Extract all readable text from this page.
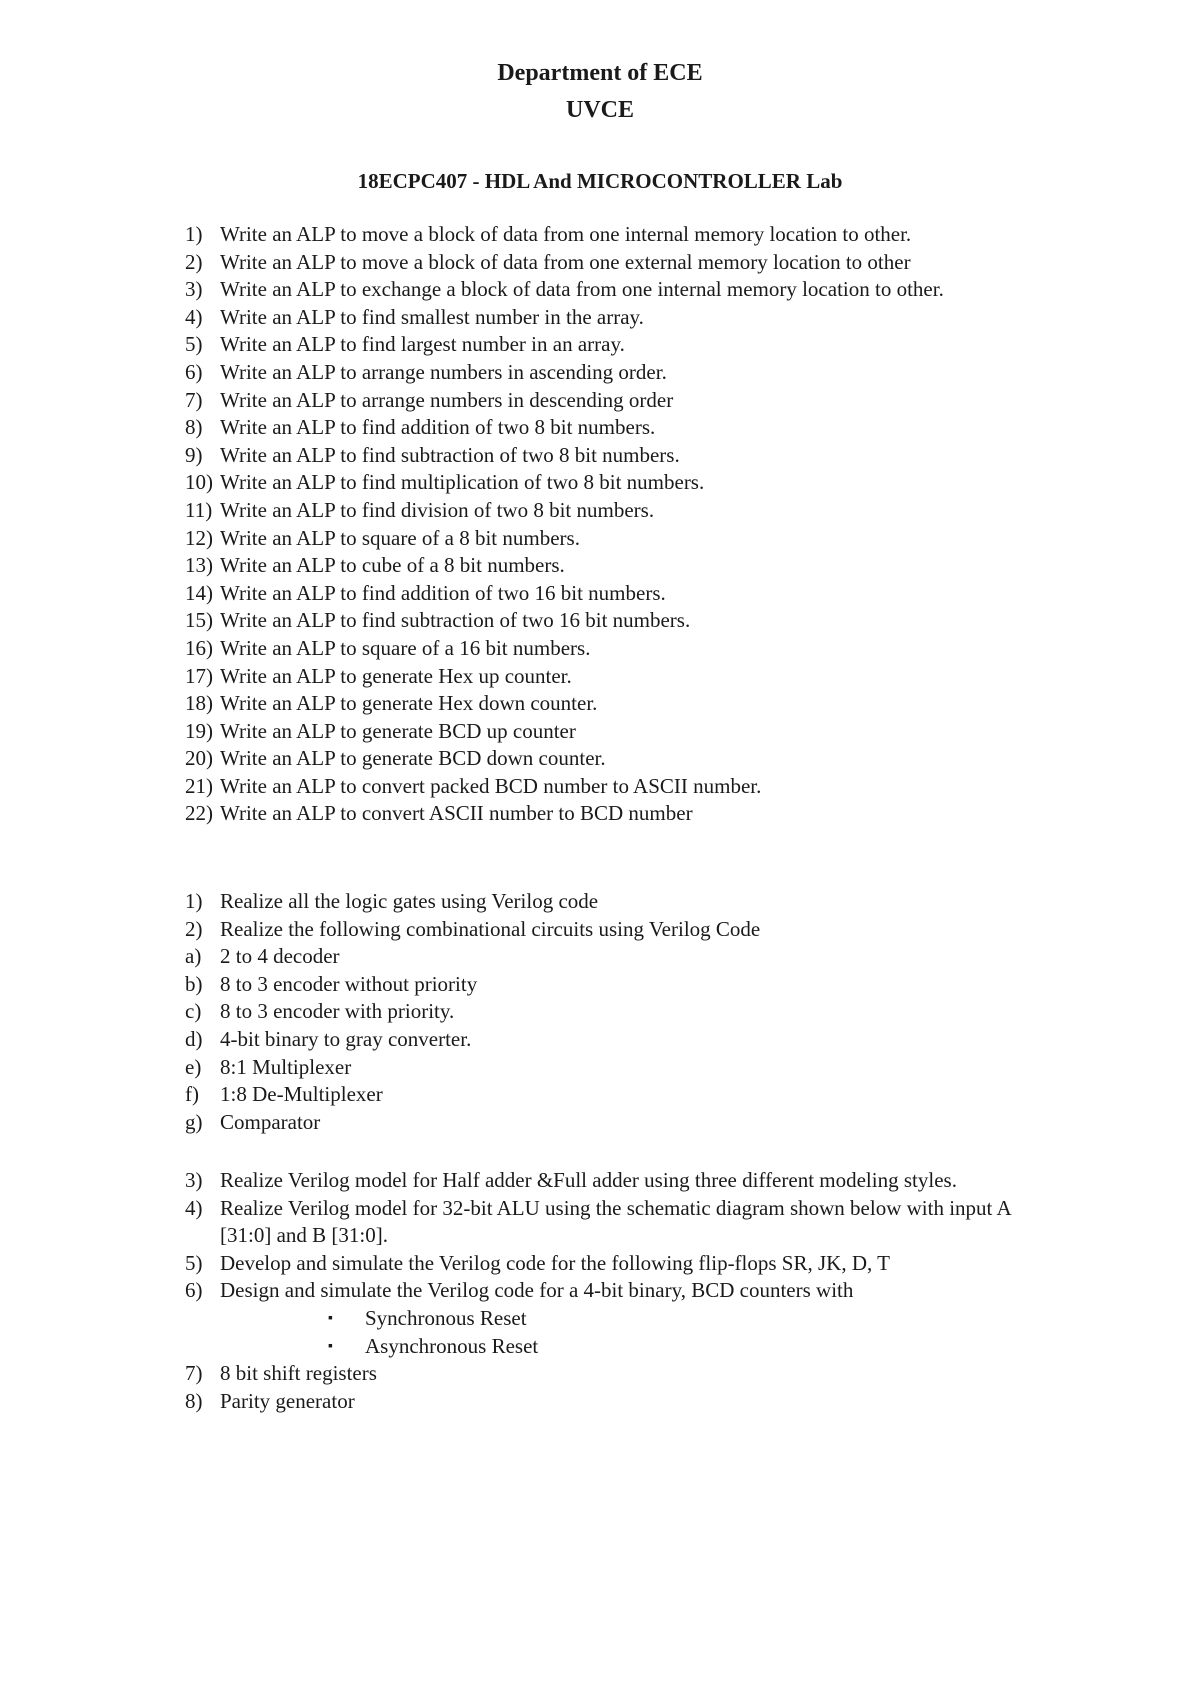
Department of ECE
UVCE
18ECPC407 - HDL And MICROCONTROLLER Lab
1) Write an ALP to move a block of data from one internal memory location to other.
2) Write an ALP to move a block of data from one external memory location to other
3) Write an ALP to exchange a block of data from one internal memory location to other.
4) Write an ALP to find smallest number in the array.
5) Write an ALP to find largest number in an array.
6) Write an ALP to arrange numbers in ascending order.
7) Write an ALP to arrange numbers in descending order
8) Write an ALP to find addition of two 8 bit numbers.
9) Write an ALP to find subtraction of two 8 bit numbers.
10) Write an ALP to find multiplication of two 8 bit numbers.
11) Write an ALP to find division of two 8 bit numbers.
12) Write an ALP to square of a 8 bit numbers.
13) Write an ALP to cube of a 8 bit numbers.
14) Write an ALP to find addition of two 16 bit numbers.
15) Write an ALP to find subtraction of two 16 bit numbers.
16) Write an ALP to square of a 16 bit numbers.
17) Write an ALP to generate Hex up counter.
18) Write an ALP to generate Hex down counter.
19) Write an ALP to generate BCD up counter
20) Write an ALP to generate BCD down counter.
21) Write an ALP to convert packed BCD number to ASCII number.
22) Write an ALP to convert ASCII number to BCD number
1) Realize all the logic gates using Verilog code
2) Realize the following combinational circuits using Verilog Code
a) 2 to 4 decoder
b) 8 to 3 encoder without priority
c) 8 to 3 encoder with priority.
d) 4-bit binary to gray converter.
e) 8:1 Multiplexer
f) 1:8 De-Multiplexer
g) Comparator
3) Realize Verilog model for Half adder &Full adder using three different modeling styles.
4) Realize Verilog model for 32-bit ALU using the schematic diagram shown below with input A
[31:0] and B [31:0].
5) Develop and simulate the Verilog code for the following flip-flops SR, JK, D, T
6) Design and simulate the Verilog code for a 4-bit binary, BCD counters with
▪ Synchronous Reset
▪ Asynchronous Reset
7) 8 bit shift registers
8) Parity generator
